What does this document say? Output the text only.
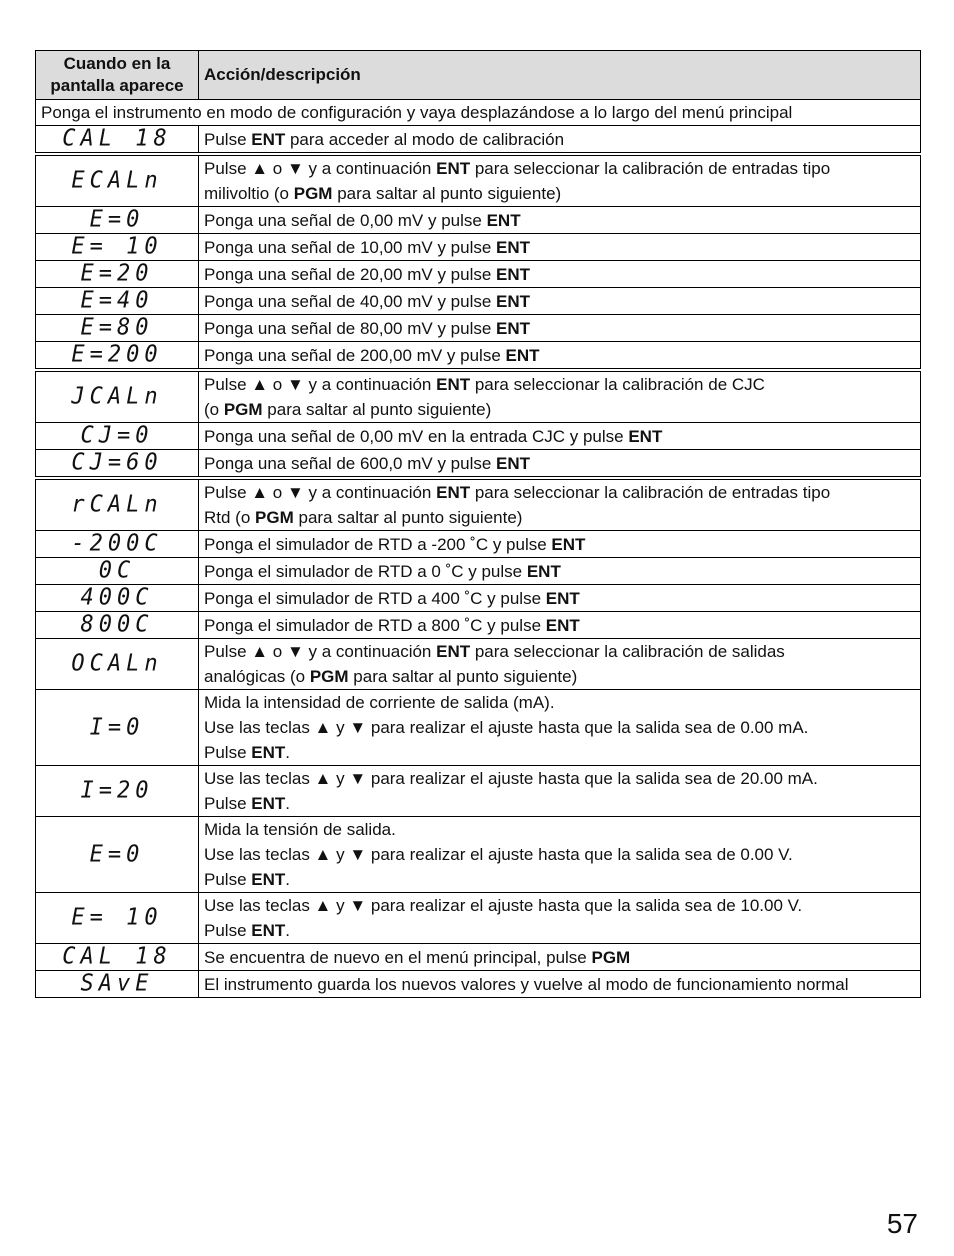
Cuando en la pantalla aparece	Acción/descripción
Ponga el instrumento en modo de configuración y vaya desplazándose a lo largo del menú principal	
CAL 18	Pulse ENT para acceder al modo de calibración

ECALn	Pulse ▲ o ▼ y a continuación ENT para seleccionar la calibración de entradas tipo
milivoltio (o PGM para saltar al punto siguiente)

E=0	Ponga una señal de 0,00 mV y pulse ENT

E= 10	Ponga una señal de 10,00 mV y pulse ENT

E=20	Ponga una señal de 20,00 mV y pulse ENT

E=40	Ponga una señal de 40,00 mV y pulse ENT

E=80	Ponga una señal de 80,00 mV y pulse ENT

E=200	Ponga una señal de 200,00 mV y pulse ENT

JCALn	Pulse ▲ o ▼ y a continuación ENT para seleccionar la calibración de CJC
(o PGM para saltar al punto siguiente)

CJ=0	Ponga una señal de 0,00 mV en la entrada CJC y pulse ENT

CJ=60	Ponga una señal de 600,0 mV y pulse ENT

rCALn	Pulse ▲ o ▼ y a continuación ENT para seleccionar la calibración de entradas tipo
Rtd (o PGM para saltar al punto siguiente)

-200C	Ponga el simulador de RTD a -200 ˚C y pulse ENT

0C	Ponga el simulador de RTD a 0 ˚C y pulse ENT

400C	Ponga el simulador de RTD a 400 ˚C y pulse ENT

800C	Ponga el simulador de RTD a 800 ˚C y pulse ENT

OCALn	Pulse ▲ o ▼ y a continuación ENT para seleccionar la calibración de salidas
analógicas (o PGM para saltar al punto siguiente)

I=0	Mida la intensidad de corriente de salida (mA).
Use las teclas ▲ y ▼ para realizar el ajuste hasta que la salida sea de 0.00 mA.
Pulse ENT.

I=20	Use las teclas ▲ y ▼ para realizar el ajuste hasta que la salida sea de 20.00 mA.
Pulse ENT.

E=0	Mida la tensión de salida.
Use las teclas ▲ y ▼ para realizar el ajuste hasta que la salida sea de 0.00 V.
Pulse ENT.

E= 10	Use las teclas ▲ y ▼ para realizar el ajuste hasta que la salida sea de 10.00 V.
Pulse ENT.

CAL 18	Se encuentra de nuevo en el menú principal, pulse PGM

SAvE	El instrumento guarda los nuevos valores y vuelve al modo de funcionamiento normal
57
